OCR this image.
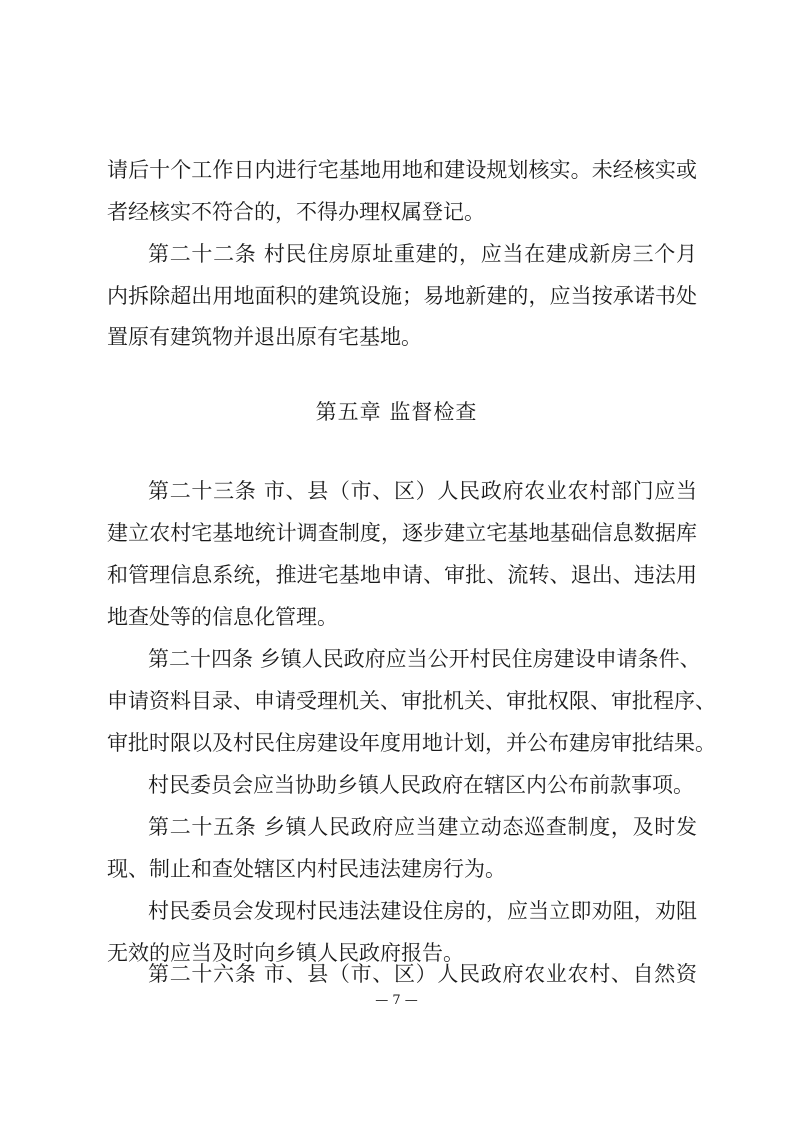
请后十个工作日内进行宅基地用地和建设规划核实。未经核实或
者经核实不符合的，不得办理权属登记。
第二十二条 村民住房原址重建的，应当在建成新房三个月
内拆除超出用地面积的建筑设施；易地新建的，应当按承诺书处
置原有建筑物并退出原有宅基地。
第五章 监督检查
第二十三条 市、县（市、区）人民政府农业农村部门应当
建立农村宅基地统计调查制度，逐步建立宅基地基础信息数据库
和管理信息系统，推进宅基地申请、审批、流转、退出、违法用
地查处等的信息化管理。
第二十四条 乡镇人民政府应当公开村民住房建设申请条件、
申请资料目录、申请受理机关、审批机关、审批权限、审批程序、
审批时限以及村民住房建设年度用地计划，并公布建房审批结果。
村民委员会应当协助乡镇人民政府在辖区内公布前款事项。
第二十五条 乡镇人民政府应当建立动态巡查制度，及时发
现、制止和查处辖区内村民违法建房行为。
村民委员会发现村民违法建设住房的，应当立即劝阻，劝阻
无效的应当及时向乡镇人民政府报告。
第二十六条 市、县（市、区）人民政府农业农村、自然资
— 7 —
